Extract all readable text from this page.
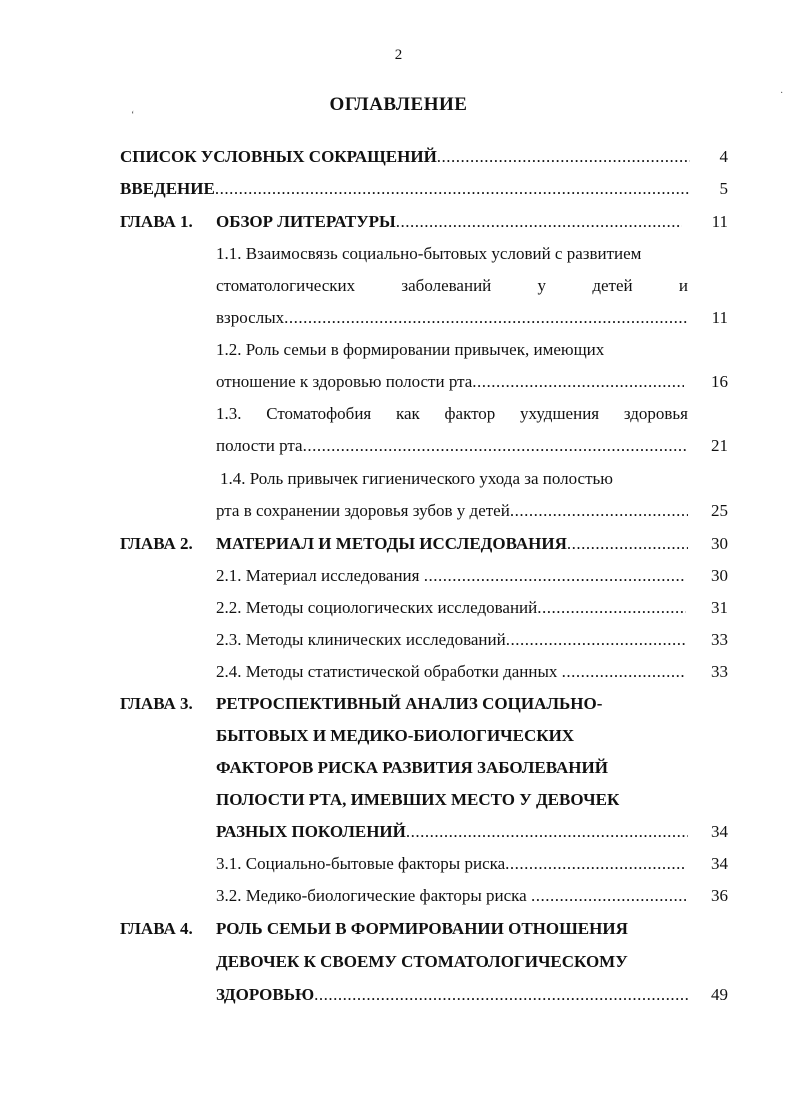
2
ОГЛАВЛЕНИЕ
‘
·
СПИСОК УСЛОВНЫХ СОКРАЩЕНИЙ .....	4
ВВЕДЕНИЕ .....	5
ГЛАВА 1. ОБЗОР ЛИТЕРАТУРЫ .....	11
1.1. Взаимосвязь социально-бытовых условий с развитием
стоматологических заболеваний у детей и
взрослых .....	11
1.2. Роль семьи в формировании привычек, имеющих
отношение к здоровью полости рта .....	16
1.3. Стоматофобия как фактор ухудшения здоровья
полости рта .....	21
1.4. Роль привычек гигиенического ухода за полостью
рта в сохранении здоровья зубов у детей .....	25
ГЛАВА 2. МАТЕРИАЛ И МЕТОДЫ ИССЛЕДОВАНИЯ .....	30
2.1. Материал исследования  .....	30
2.2. Методы социологических исследований .....	31
2.3. Методы клинических исследований .....	33
2.4. Методы статистической обработки данных  .....	33
ГЛАВА 3. РЕТРОСПЕКТИВНЫЙ АНАЛИЗ СОЦИАЛЬНО-
БЫТОВЫХ И МЕДИКО-БИОЛОГИЧЕСКИХ
ФАКТОРОВ РИСКА РАЗВИТИЯ ЗАБОЛЕВАНИЙ
ПОЛОСТИ РТА, ИМЕВШИХ МЕСТО У ДЕВОЧЕК
РАЗНЫХ ПОКОЛЕНИЙ .....	34
3.1. Социально-бытовые факторы риска .....	34
3.2. Медико-биологические факторы риска  .....	36
ГЛАВА 4. РОЛЬ СЕМЬИ В ФОРМИРОВАНИИ ОТНОШЕНИЯ
ДЕВОЧЕК К СВОЕМУ СТОМАТОЛОГИЧЕСКОМУ
ЗДОРОВЬЮ .....	49
